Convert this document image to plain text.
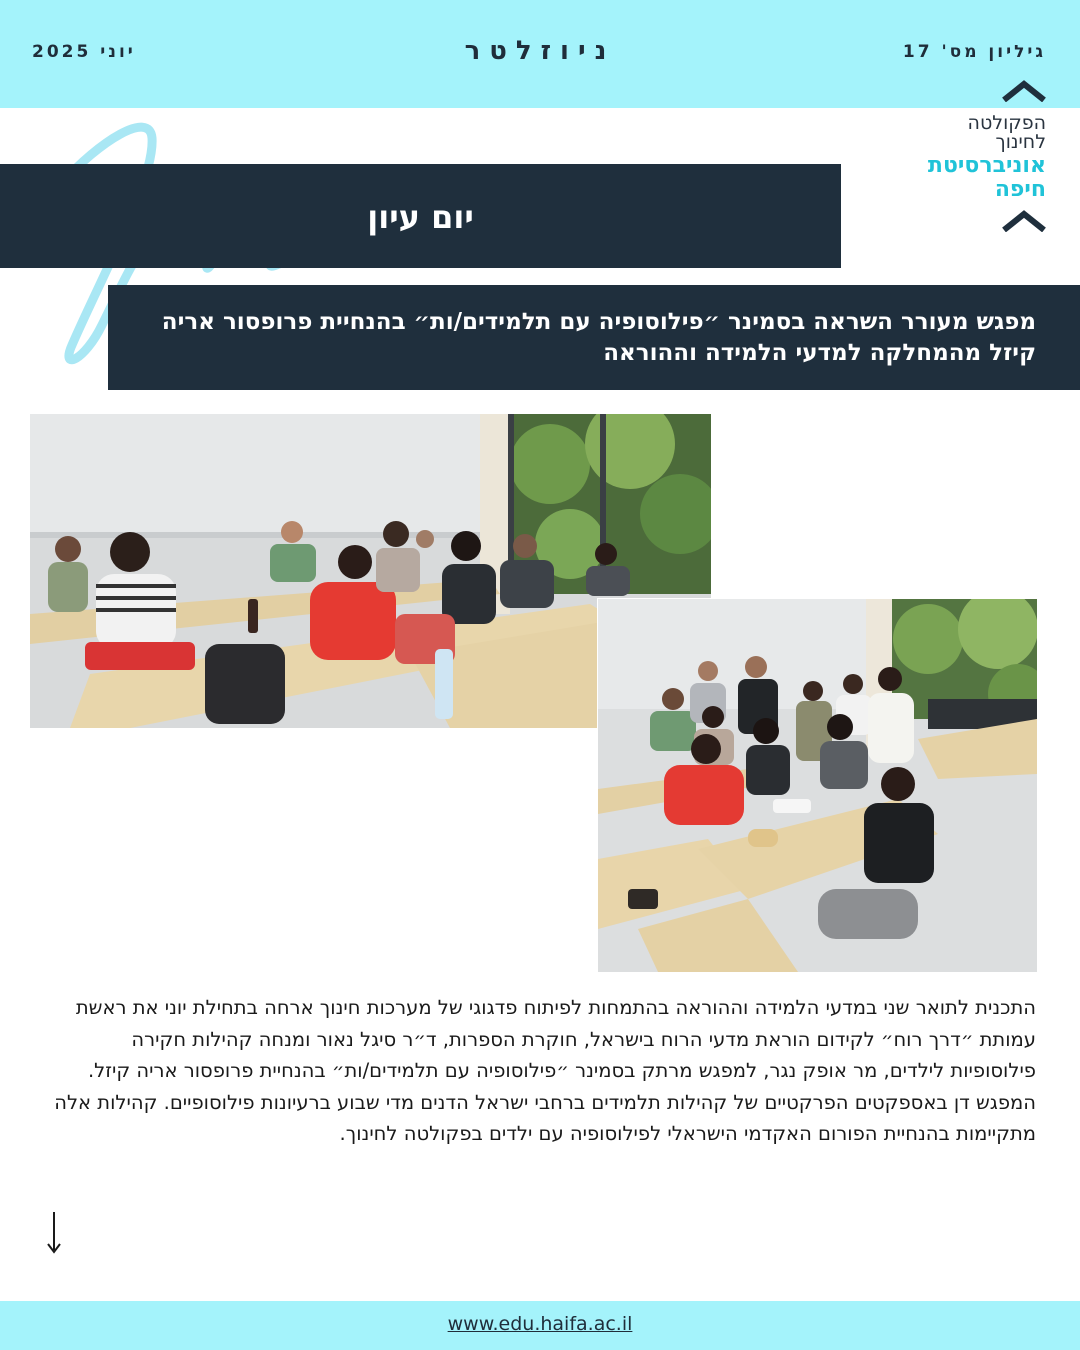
גיליון מס' 17
ניוזלטר
יוני 2025
הפקולטה
לחינוך
אוניברסיטת
חיפה
יום עיון
מפגש מעורר השראה בסמינר ״פילוסופיה עם תלמידים/ות״ בהנחיית פרופסור אריה קיזל מהמחלקה למדעי הלמידה וההוראה
התכנית לתואר שני במדעי הלמידה וההוראה בהתמחות לפיתוח פדגוגי של מערכות חינוך ארחה בתחילת יוני את ראשת עמותת ״דרך רוח״ לקידום הוראת מדעי הרוח בישראל, חוקרת הספרות, ד״ר סיגל נאור ומנחה קהילות חקירה פילוסופיות לילדים, מר אופק נגר, למפגש מרתק בסמינר ״פילוסופיה עם תלמידים/ות״ בהנחיית פרופסור אריה קיזל. המפגש דן באספקטים הפרקטיים של קהילות תלמידים ברחבי ישראל הדנים מדי שבוע ברעיונות פילוסופיים. קהילות אלה מתקיימות בהנחיית הפורום האקדמי הישראלי לפילוסופיה עם ילדים בפקולטה לחינוך.
www.edu.haifa.ac.il
